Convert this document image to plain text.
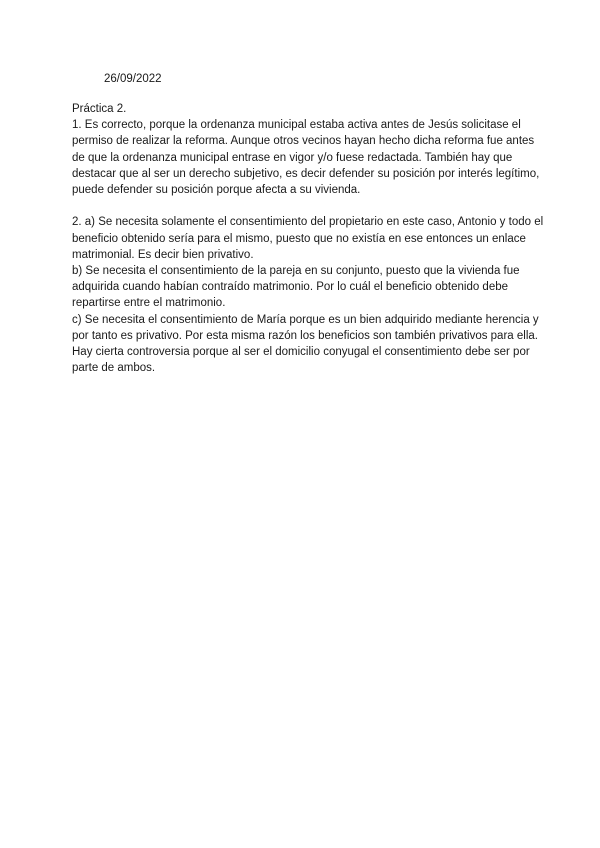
26/09/2022
Práctica 2.
1. Es correcto, porque la ordenanza municipal estaba activa antes de Jesús solicitase el
permiso de realizar la reforma. Aunque otros vecinos hayan hecho dicha reforma fue antes
de que la ordenanza municipal entrase en vigor y/o fuese redactada. También hay que
destacar que al ser un derecho subjetivo, es decir defender su posición por interés legítimo,
puede defender su posición porque afecta a su vivienda.
2. a) Se necesita solamente el consentimiento del propietario en este caso, Antonio y todo el
beneficio obtenido sería para el mismo, puesto que no existía en ese entonces un enlace
matrimonial. Es decir bien privativo.
b) Se necesita el consentimiento de la pareja en su conjunto, puesto que la vivienda fue
adquirida cuando habían contraído matrimonio. Por lo cuál el beneficio obtenido debe
repartirse entre el matrimonio.
c) Se necesita el consentimiento de María porque es un bien adquirido mediante herencia y
por tanto es privativo. Por esta misma razón los beneficios son también privativos para ella.
Hay cierta controversia porque al ser el domicilio conyugal el consentimiento debe ser por
parte de ambos.
